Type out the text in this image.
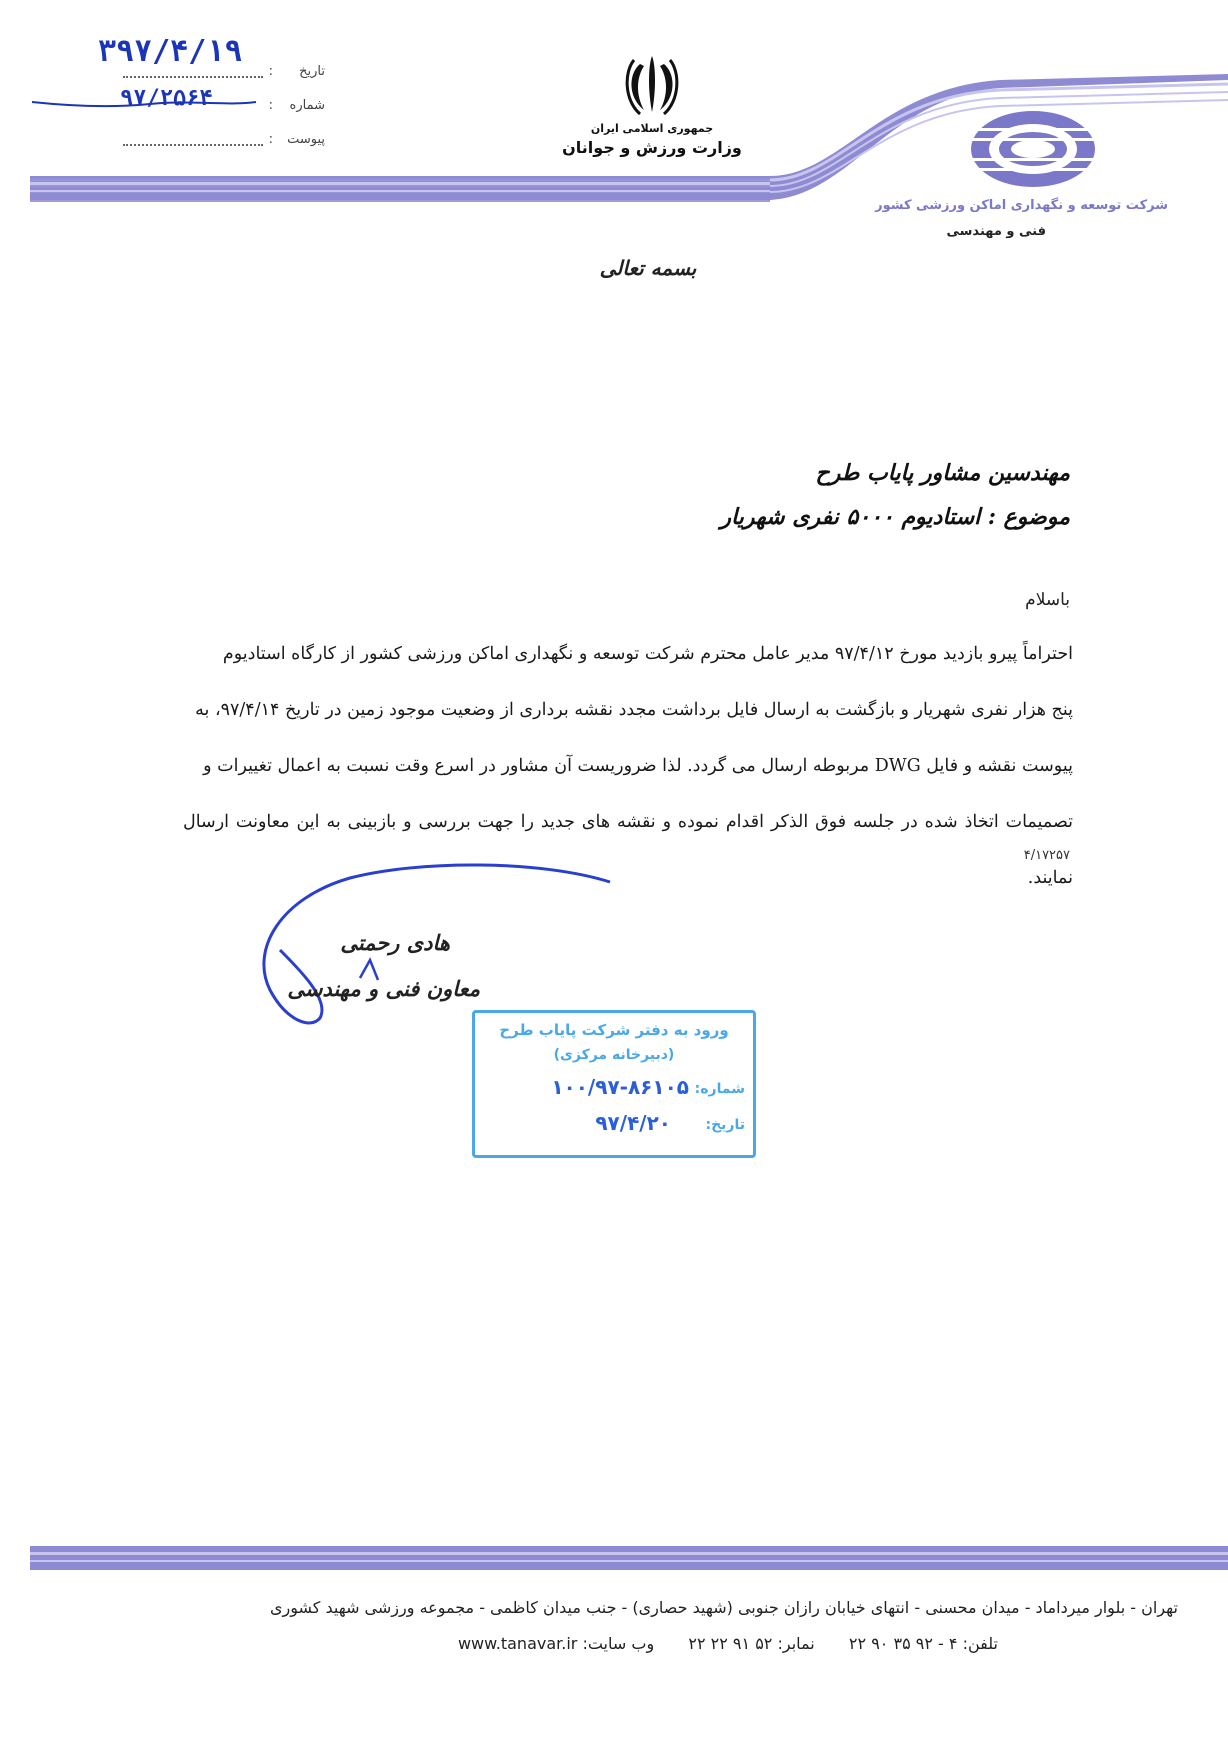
۳۹۷/۴/۱۹
تاریخ
:
۹۷/۲۵۶۴	شماره
:
پیوست
:
جمهوری اسلامی ایران
وزارت ورزش و جوانان
شرکت توسعه و نگهداری اماکن ورزشی کشور
فنی و مهندسی
بسمه تعالی
مهندسین مشاور پایاب طرح
موضوع : استادیوم ۵۰۰۰ نفری شهریار
باسلام
احتراماً پیرو بازدید مورخ ۹۷/۴/۱۲ مدیر عامل محترم شرکت توسعه و نگهداری اماکن ورزشی کشور از کارگاه استادیوم
پنج هزار نفری شهریار و بازگشت به ارسال فایل برداشت مجدد نقشه برداری از وضعیت موجود زمین در تاریخ ۹۷/۴/۱۴، به
پیوست نقشه و فایل DWG مربوطه ارسال می گردد. لذا ضروریست آن مشاور در اسرع وقت نسبت به اعمال تغییرات و
تصمیمات اتخاذ شده در جلسه فوق الذکر اقدام نموده و نقشه های جدید را جهت بررسی و بازبینی به این معاونت ارسال نمایند.
۴/۱۷۲۵۷
هادی رحمتی
معاون فنی و مهندسی
ورود به دفتر شرکت پایاب طرح
(دبیرخانه مرکزی)
شماره:
۱۰۰/۹۷-۸۶۱۰۵
تاریخ:
۹۷/۴/۲۰
تهران - بلوار میرداماد - میدان محسنی - انتهای خیابان رازان جنوبی (شهید حصاری) - جنب میدان کاظمی - مجموعه ورزشی شهید کشوری
تلفن: ۴ - ۹۲ ۳۵ ۹۰ ۲۲  نمابر: ۵۲ ۹۱ ۲۲ ۲۲  وب سایت: www.tanavar.ir
